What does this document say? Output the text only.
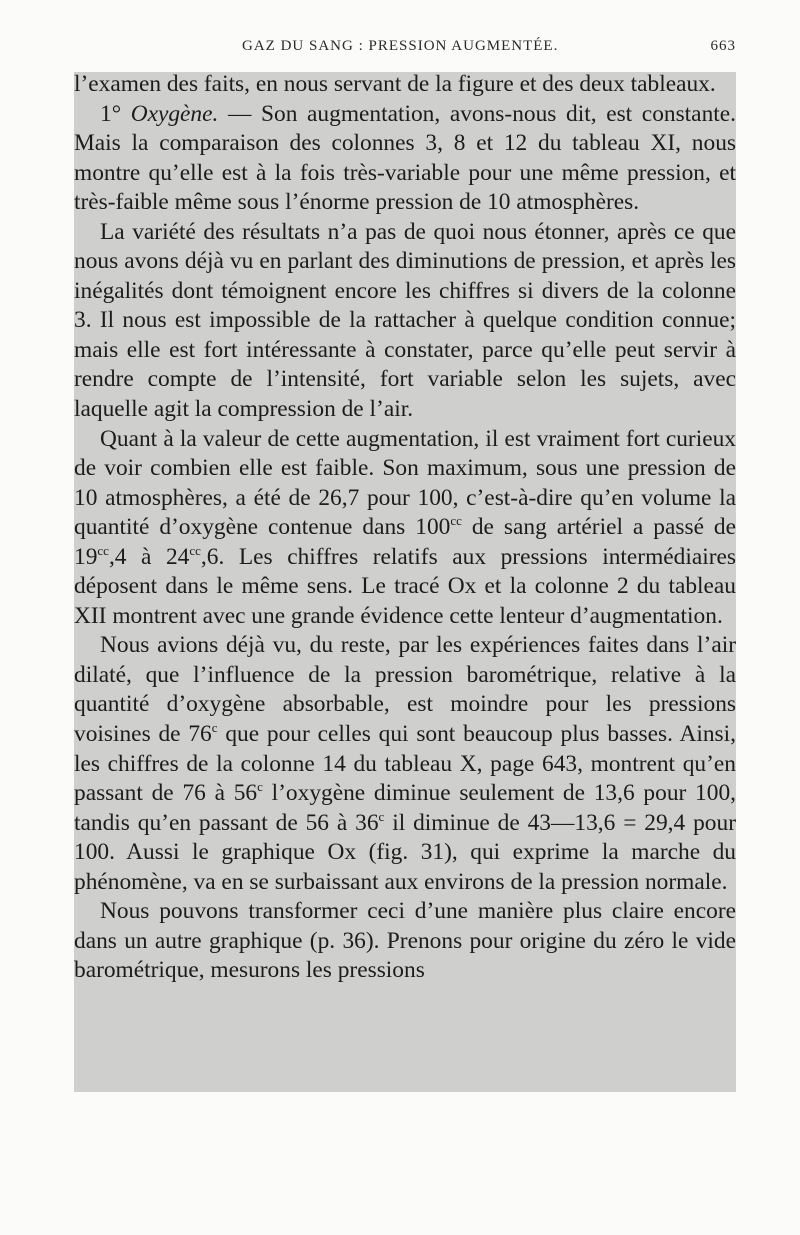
GAZ DU SANG : PRESSION AUGMENTÉE.	663

l’examen des faits, en nous servant de la figure et des deux tableaux.

1° Oxygène. — Son augmentation, avons-nous dit, est constante. Mais la comparaison des colonnes 3, 8 et 12 du tableau XI, nous montre qu’elle est à la fois très-variable pour une même pression, et très-faible même sous l’énorme pression de 10 atmosphères.

La variété des résultats n’a pas de quoi nous étonner, après ce que nous avons déjà vu en parlant des diminutions de pression, et après les inégalités dont témoignent encore les chiffres si divers de la colonne 3. Il nous est impossible de la rattacher à quelque condition connue; mais elle est fort intéressante à constater, parce qu’elle peut servir à rendre compte de l’intensité, fort variable selon les sujets, avec laquelle agit la compression de l’air.

Quant à la valeur de cette augmentation, il est vraiment fort curieux de voir combien elle est faible. Son maximum, sous une pression de 10 atmosphères, a été de 26,7 pour 100, c’est-à-dire qu’en volume la quantité d’oxygène contenue dans $100^{cc}$ de sang artériel a passé de $19^{cc},4$ à $24^{cc},6$. Les chiffres relatifs aux pressions intermédiaires déposent dans le même sens. Le tracé Ox et la colonne 2 du tableau XII montrent avec une grande évidence cette lenteur d’augmentation.

Nous avions déjà vu, du reste, par les expériences faites dans l’air dilaté, que l’influence de la pression barométrique, relative à la quantité d’oxygène absorbable, est moindre pour les pressions voisines de 76$^c$ que pour celles qui sont beaucoup plus basses. Ainsi, les chiffres de la colonne 14 du tableau X, page 643, montrent qu’en passant de 76 à 56$^c$ l’oxygène diminue seulement de 13,6 pour 100, tandis qu’en passant de 56 à 36$^c$ il diminue de 43—13,6 = 29,4 pour 100. Aussi le graphique Ox (fig. 31), qui exprime la marche du phénomène, va en se surbaissant aux environs de la pression normale.

Nous pouvons transformer ceci d’une manière plus claire encore dans un autre graphique (p. 36). Prenons pour origine du zéro le vide barométrique, mesurons les pressions
